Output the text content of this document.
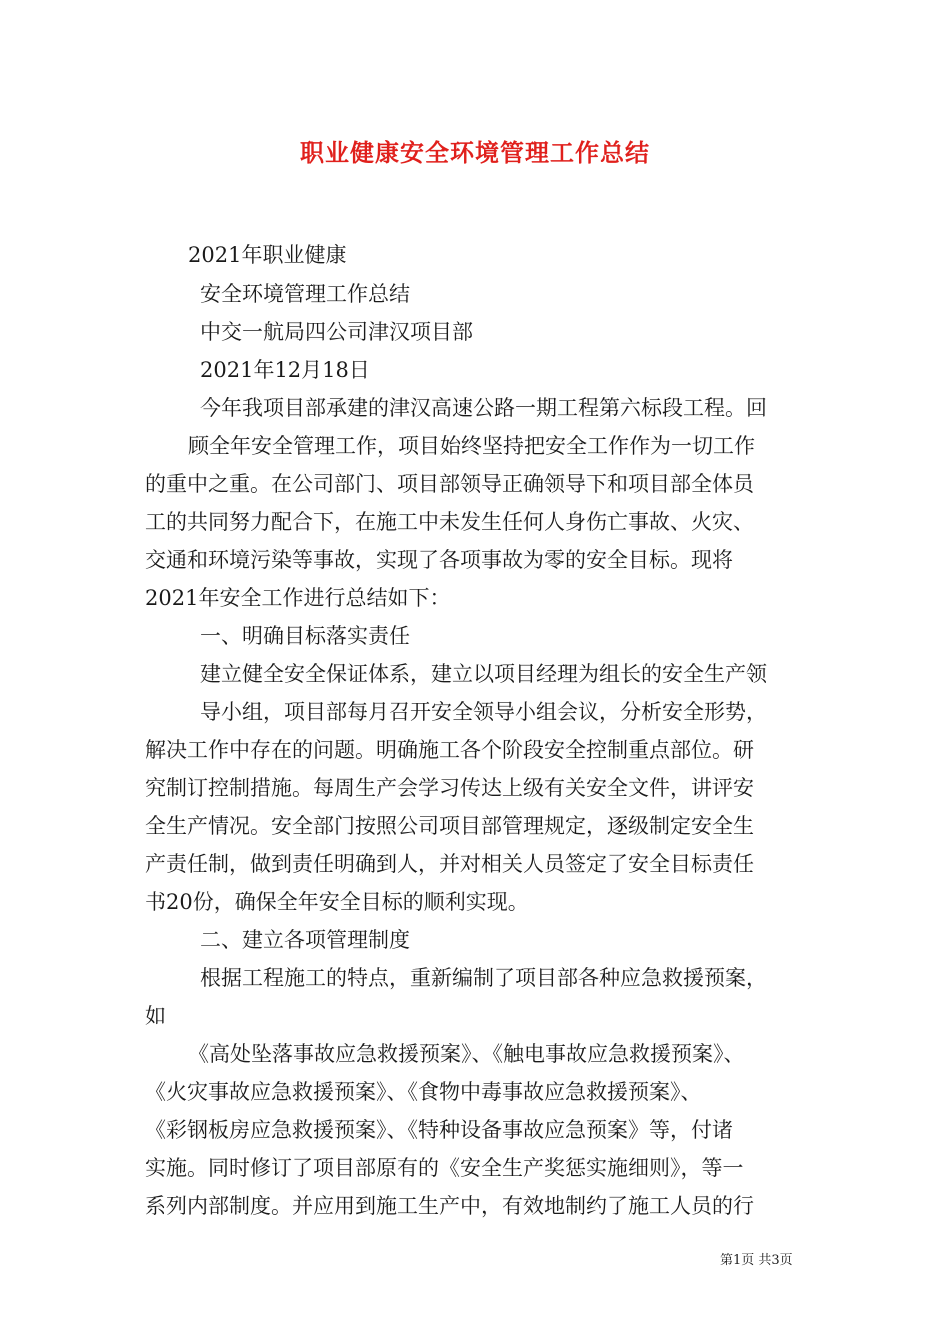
职业健康安全环境管理工作总结
2021年职业健康
安全环境管理工作总结
中交一航局四公司津汉项目部
2021年12月18日
今年我项目部承建的津汉高速公路一期工程第六标段工程。回
顾全年安全管理工作，项目始终坚持把安全工作作为一切工作
的重中之重。在公司部门、项目部领导正确领导下和项目部全体员
工的共同努力配合下，在施工中未发生任何人身伤亡事故、火灾、
交通和环境污染等事故，实现了各项事故为零的安全目标。现将
2021年安全工作进行总结如下：
一、明确目标落实责任
建立健全安全保证体系，建立以项目经理为组长的安全生产领
导小组，项目部每月召开安全领导小组会议，分析安全形势，
解决工作中存在的问题。明确施工各个阶段安全控制重点部位。研
究制订控制措施。每周生产会学习传达上级有关安全文件，讲评安
全生产情况。安全部门按照公司项目部管理规定，逐级制定安全生
产责任制，做到责任明确到人，并对相关人员签定了安全目标责任
书20份，确保全年安全目标的顺利实现。
二、建立各项管理制度
根据工程施工的特点，重新编制了项目部各种应急救援预案，
如
《高处坠落事故应急救援预案》、《触电事故应急救援预案》、
《火灾事故应急救援预案》、《食物中毒事故应急救援预案》、
《彩钢板房应急救援预案》、《特种设备事故应急预案》等，付诸
实施。同时修订了项目部原有的《安全生产奖惩实施细则》，等一
系列内部制度。并应用到施工生产中，有效地制约了施工人员的行
第1页 共3页
